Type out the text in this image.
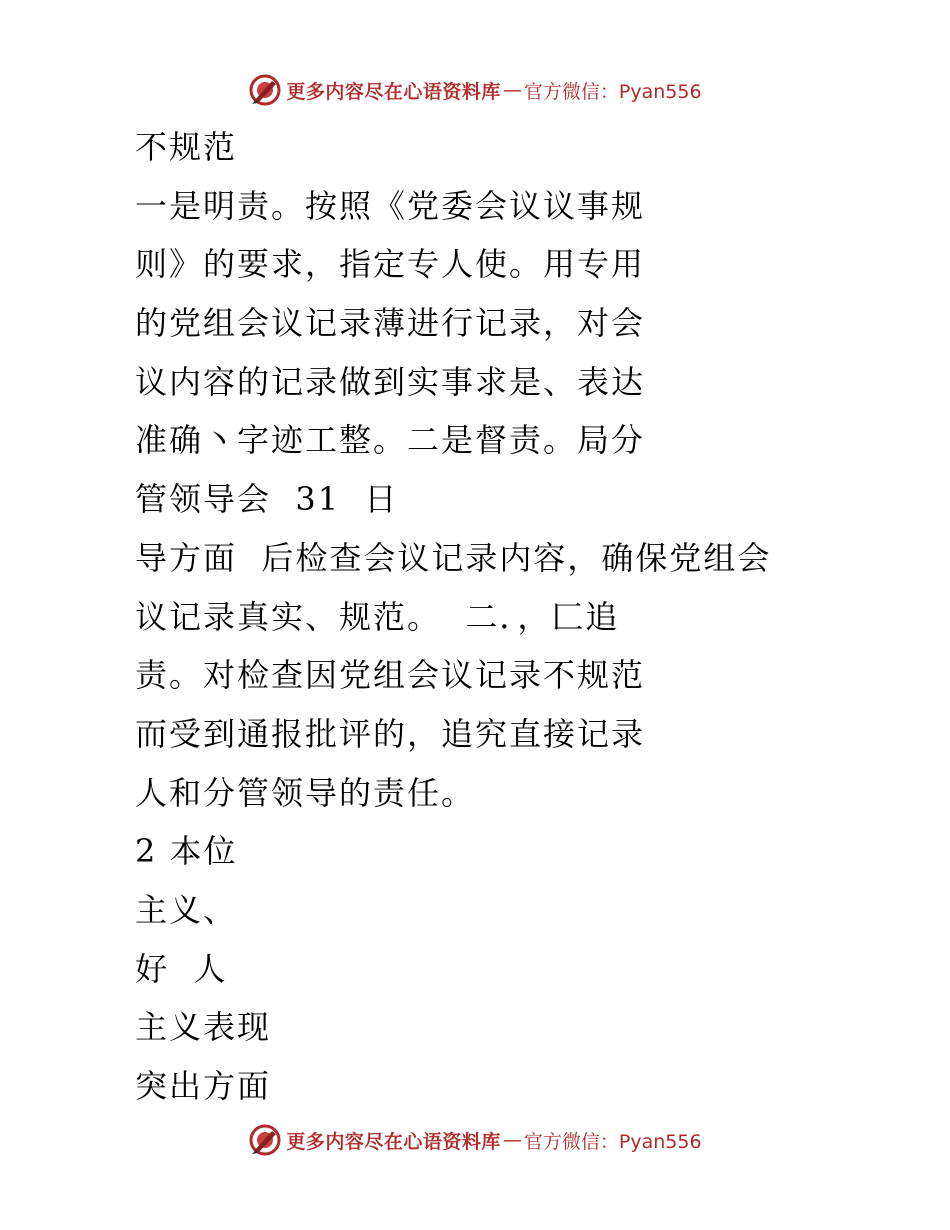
更多内容尽在心语资料库 — 官方微信：Pyan556
不规范
一是明责。按照《党委会议议事规
则》的要求，指定专人使。用专用
的党组会议记录薄进行记录，对会
议内容的记录做到实事求是、表达
准确丶字迹工整。二是督责。局分
管领导会  31  日
导方面  后检查会议记录内容，确保党组会
议记录真实、规范。  二．，匚追
责。对检查因党组会议记录不规范
而受到通报批评的，追究直接记录
人和分管领导的责任。
2 本位
主义、
好  人
主义表现
突出方面
更多内容尽在心语资料库 — 官方微信：Pyan556
